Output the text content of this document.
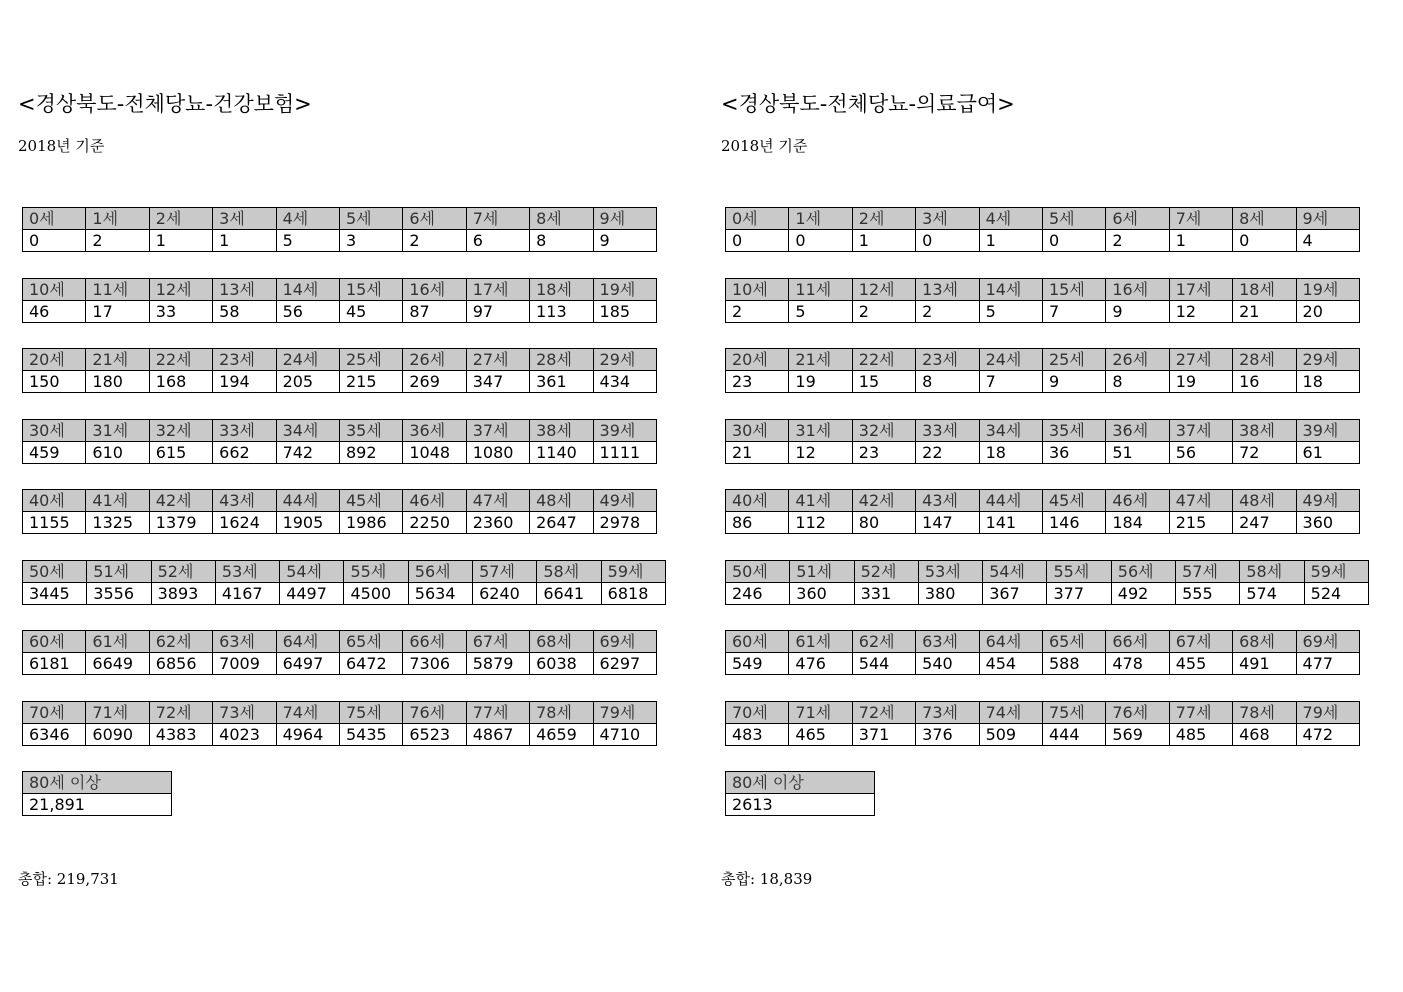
<경상북도-전체당뇨-건강보험>
2018년 기준
0세	1세	2세	3세	4세	5세	6세	7세	8세	9세
0	2	1	1	5	3	2	6	8	9
10세	11세	12세	13세	14세	15세	16세	17세	18세	19세
46	17	33	58	56	45	87	97	113	185
20세	21세	22세	23세	24세	25세	26세	27세	28세	29세
150	180	168	194	205	215	269	347	361	434
30세	31세	32세	33세	34세	35세	36세	37세	38세	39세
459	610	615	662	742	892	1048	1080	1140	1111
40세	41세	42세	43세	44세	45세	46세	47세	48세	49세
1155	1325	1379	1624	1905	1986	2250	2360	2647	2978
50세	51세	52세	53세	54세	55세	56세	57세	58세	59세
3445	3556	3893	4167	4497	4500	5634	6240	6641	6818
60세	61세	62세	63세	64세	65세	66세	67세	68세	69세
6181	6649	6856	7009	6497	6472	7306	5879	6038	6297
70세	71세	72세	73세	74세	75세	76세	77세	78세	79세
6346	6090	4383	4023	4964	5435	6523	4867	4659	4710
80세 이상
21,891
총합: 219,731
<경상북도-전체당뇨-의료급여>
2018년 기준
0세	1세	2세	3세	4세	5세	6세	7세	8세	9세
0	0	1	0	1	0	2	1	0	4
10세	11세	12세	13세	14세	15세	16세	17세	18세	19세
2	5	2	2	5	7	9	12	21	20
20세	21세	22세	23세	24세	25세	26세	27세	28세	29세
23	19	15	8	7	9	8	19	16	18
30세	31세	32세	33세	34세	35세	36세	37세	38세	39세
21	12	23	22	18	36	51	56	72	61
40세	41세	42세	43세	44세	45세	46세	47세	48세	49세
86	112	80	147	141	146	184	215	247	360
50세	51세	52세	53세	54세	55세	56세	57세	58세	59세
246	360	331	380	367	377	492	555	574	524
60세	61세	62세	63세	64세	65세	66세	67세	68세	69세
549	476	544	540	454	588	478	455	491	477
70세	71세	72세	73세	74세	75세	76세	77세	78세	79세
483	465	371	376	509	444	569	485	468	472
80세 이상
2613
총합: 18,839
